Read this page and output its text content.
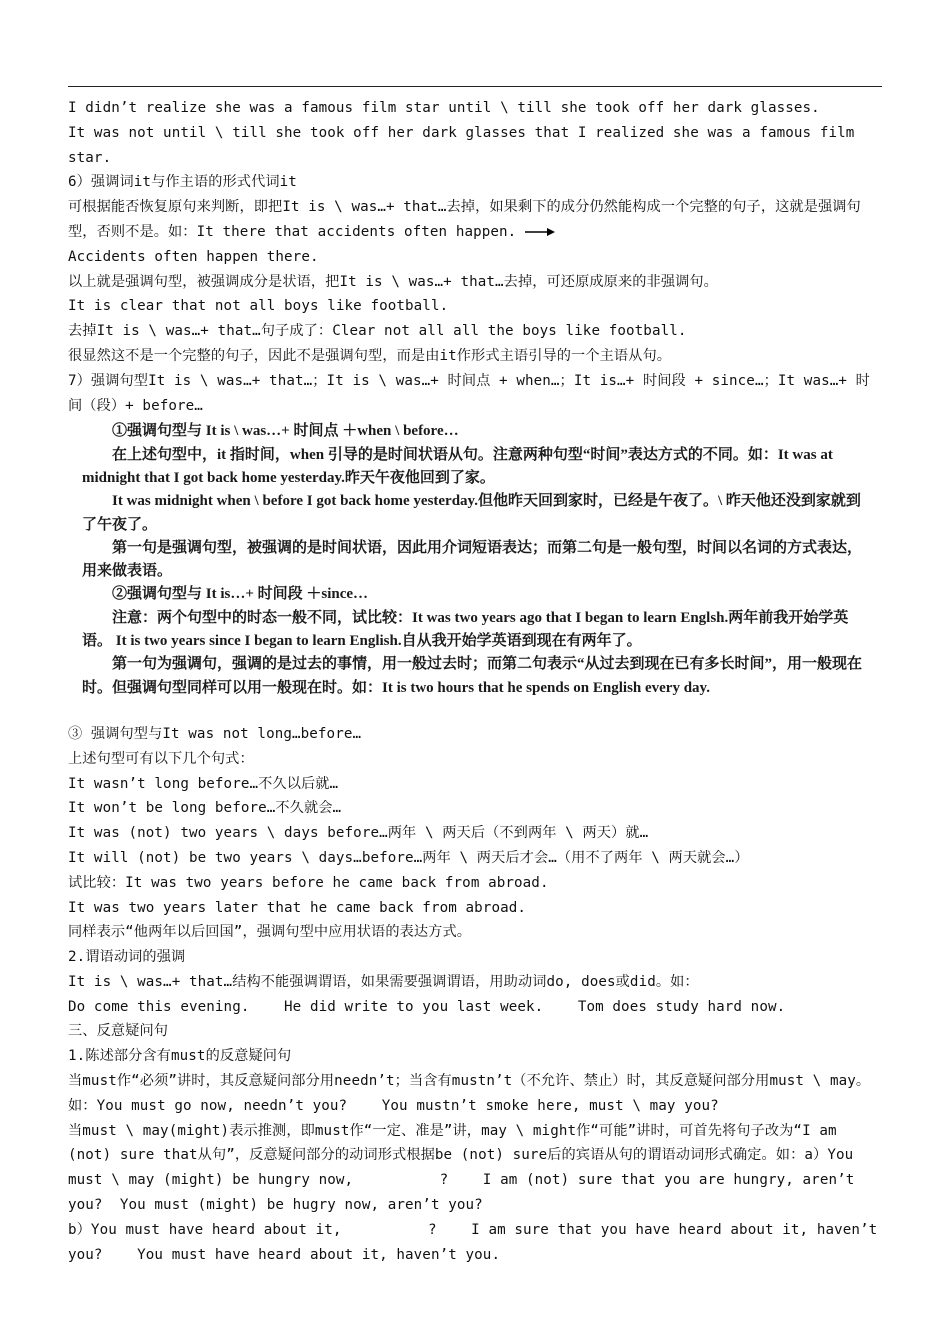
I didn’t realize she was a famous film star until \ till she took off her dark glasses.      It was not until \ till she took off her dark glasses that I realized she was a famous film star.
6）强调词it与作主语的形式代词it
可根据能否恢复原句来判断，即把It is \ was…+ that…去掉，如果剩下的成分仍然能构成一个完整的句子，这就是强调句型，否则不是。如：It there that accidents often happen.
Accidents often happen there.
以上就是强调句型，被强调成分是状语，把It is \ was…+ that…去掉，可还原成原来的非强调句。
It is clear that not all boys like football.
去掉It is \ was…+ that…句子成了：Clear not all all the boys like football.
很显然这不是一个完整的句子，因此不是强调句型，而是由it作形式主语引导的一个主语从句。
7）强调句型It is \ was…+ that…；It is \ was…+ 时间点 + when…；It is…+ 时间段 + since…；It was…+ 时间（段）+ before…

①强调句型与 It is \ was…+ 时间点 ＋when \ before…

在上述句型中，it 指时间，when 引导的是时间状语从句。注意两种句型“时间”表达方式的不同。如：It was at midnight that I got back home yesterday.昨天午夜他回到了家。

It was midnight when \ before I got back home yesterday.但他昨天回到家时，已经是午夜了。\ 昨天他还没到家就到了午夜了。

第一句是强调句型，被强调的是时间状语，因此用介词短语表达；而第二句是一般句型，时间以名词的方式表达，用来做表语。

②强调句型与 It is…+ 时间段 ＋since…

注意：两个句型中的时态一般不同，试比较：It was two years ago that I began to learn Englsh.两年前我开始学英语。 It is two years since I began to learn English.自从我开始学英语到现在有两年了。

第一句为强调句，强调的是过去的事情，用一般过去时；而第二句表示“从过去到现在已有多长时间”，用一般现在时。但强调句型同样可以用一般现在时。如：It is two hours that he spends on English every day.

③ 强调句型与It was not long…before…
上述句型可有以下几个句式：
It wasn’t long before…不久以后就…
It won’t be long before…不久就会…
It was (not) two years \ days before…两年 \ 两天后（不到两年 \ 两天）就…
It will (not) be two years \ days…before…两年 \ 两天后才会…（用不了两年 \ 两天就会…）
试比较：It was two years before he came back from abroad.
It was two years later that he came back from abroad.
同样表示“他两年以后回国”，强调句型中应用状语的表达方式。
2.谓语动词的强调
It is \ was…+ that…结构不能强调谓语，如果需要强调谓语，用助动词do, does或did。如：
Do come this evening.    He did write to you last week.    Tom does study hard now.
三、反意疑问句
1.陈述部分含有must的反意疑问句
当must作“必须”讲时，其反意疑问部分用needn’t；当含有mustn’t（不允许、禁止）时，其反意疑问部分用must \ may。如：You must go now, needn’t you?    You mustn’t smoke here, must \ may you?
当must \ may(might)表示推测，即must作“一定、准是”讲，may \ might作“可能”讲时，可首先将句子改为“I am (not) sure that从句”，反意疑问部分的动词形式根据be (not) sure后的宾语从句的谓语动词形式确定。如：a）You must \ may (might) be hungry now,          ?    I am (not) sure that you are hungry, aren’t you?  You must (might) be hugry now, aren’t you?
b）You must have heard about it,          ?    I am sure that you have heard about it, haven’t you?    You must have heard about it, haven’t you.
